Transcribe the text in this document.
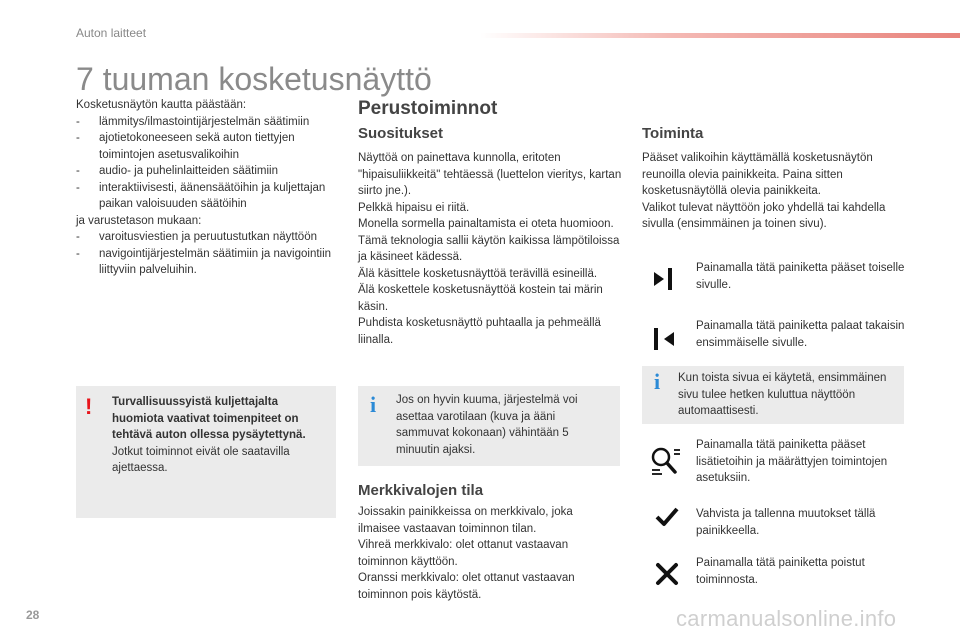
Auton laitteet
7 tuuman kosketusnäyttö
Kosketusnäytön kautta päästään:
- lämmitys/ilmastointijärjestelmän säätimiin
- ajotietokoneeseen sekä auton tiettyjen toimintojen asetusvalikoihin
- audio- ja puhelinlaitteiden säätimiin
- interaktiivisesti, äänensäätöihin ja kuljettajan paikan valoisuuden säätöihin
ja varustetason mukaan:
- varoitusviestien ja peruutustutkan näyttöön
- navigointijärjestelmän säätimiin ja navigointiin liittyviin palveluihin.
! Turvallisuussyistä kuljettajalta huomiota vaativat toimenpiteet on tehtävä auton ollessa pysäytettynä.
Jotkut toiminnot eivät ole saatavilla ajettaessa.
Perustoiminnot
Suositukset
Näyttöä on painettava kunnolla, eritoten "hipaisuliikkeitä" tehtäessä (luettelon vieritys, kartan siirto jne.).
Pelkkä hipaisu ei riitä.
Monella sormella painaltamista ei oteta huomioon.
Tämä teknologia sallii käytön kaikissa lämpötiloissa ja käsineet kädessä.
Älä käsittele kosketusnäyttöä terävillä esineillä.
Älä koskettele kosketusnäyttöä kostein tai märin käsin.
Puhdista kosketusnäyttö puhtaalla ja pehmeällä liinalla.
i Jos on hyvin kuuma, järjestelmä voi asettaa varotilaan (kuva ja ääni sammuvat kokonaan) vähintään 5 minuutin ajaksi.
Merkkivalojen tila
Joissakin painikkeissa on merkkivalo, joka ilmaisee vastaavan toiminnon tilan.
Vihreä merkkivalo: olet ottanut vastaavan toiminnon käyttöön.
Oranssi merkkivalo: olet ottanut vastaavan toiminnon pois käytöstä.
Toiminta
Pääset valikoihin käyttämällä kosketusnäytön reunoilla olevia painikkeita. Paina sitten kosketusnäytöllä olevia painikkeita.
Valikot tulevat näyttöön joko yhdellä tai kahdella sivulla (ensimmäinen ja toinen sivu).
Painamalla tätä painiketta pääset toiselle sivulle.
Painamalla tätä painiketta palaat takaisin ensimmäiselle sivulle.
i Kun toista sivua ei käytetä, ensimmäinen sivu tulee hetken kuluttua näyttöön automaattisesti.
Painamalla tätä painiketta pääset lisätietoihin ja määrättyjen toimintojen asetuksiin.
Vahvista ja tallenna muutokset tällä painikkeella.
Painamalla tätä painiketta poistut toiminnosta.
28	carmanualsonline.info
